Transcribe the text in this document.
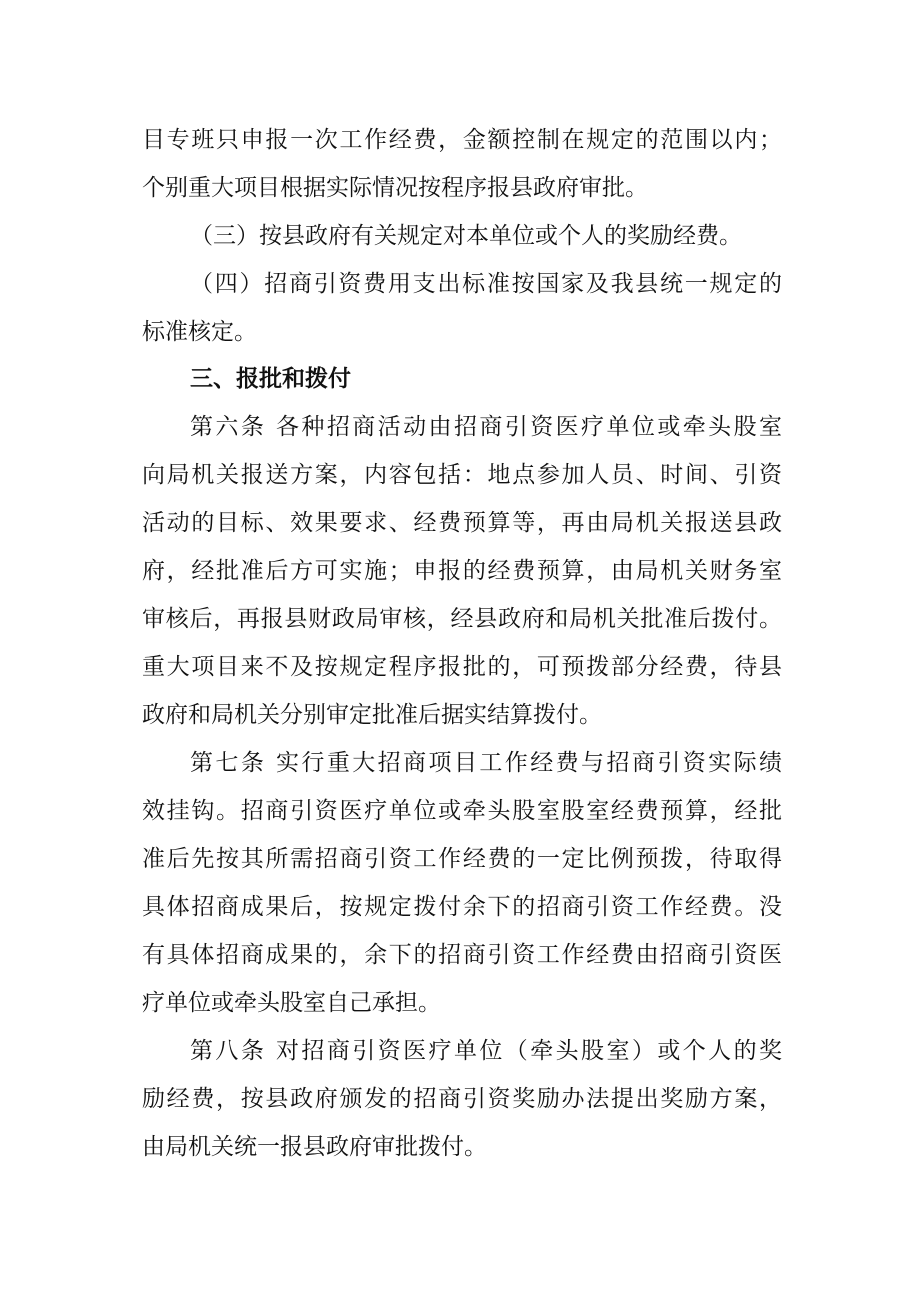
目专班只申报一次工作经费，金额控制在规定的范围以内；
个别重大项目根据实际情况按程序报县政府审批。
（三）按县政府有关规定对本单位或个人的奖励经费。
（四）招商引资费用支出标准按国家及我县统一规定的
标准核定。
三、报批和拨付
第六条 各种招商活动由招商引资医疗单位或牵头股室
向局机关报送方案，内容包括：地点参加人员、时间、引资
活动的目标、效果要求、经费预算等，再由局机关报送县政
府，经批准后方可实施；申报的经费预算，由局机关财务室
审核后，再报县财政局审核，经县政府和局机关批准后拨付。
重大项目来不及按规定程序报批的，可预拨部分经费，待县
政府和局机关分别审定批准后据实结算拨付。
第七条 实行重大招商项目工作经费与招商引资实际绩
效挂钩。招商引资医疗单位或牵头股室股室经费预算，经批
准后先按其所需招商引资工作经费的一定比例预拨，待取得
具体招商成果后，按规定拨付余下的招商引资工作经费。没
有具体招商成果的，余下的招商引资工作经费由招商引资医
疗单位或牵头股室自己承担。
第八条 对招商引资医疗单位（牵头股室）或个人的奖
励经费，按县政府颁发的招商引资奖励办法提出奖励方案，
由局机关统一报县政府审批拨付。
